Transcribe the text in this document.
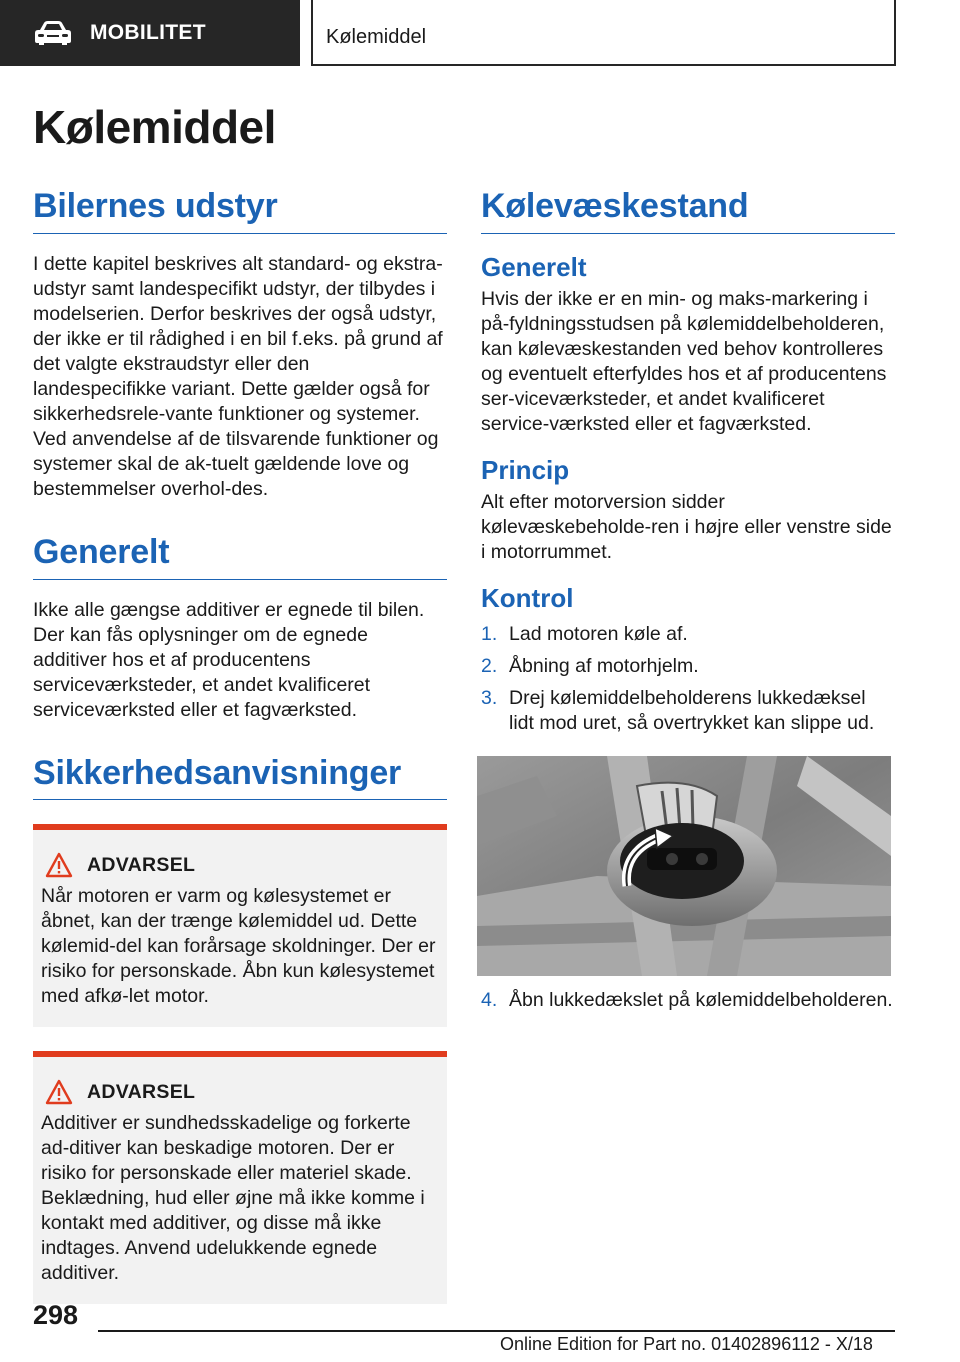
MOBILITET	Kølemiddel
Kølemiddel
Bilernes udstyr

I dette kapitel beskrives alt standard- og ekstra-udstyr samt landespecifikt udstyr, der tilbydes i modelserien. Derfor beskrives der også udstyr, der ikke er til rådighed i en bil f.eks. på grund af det valgte ekstraudstyr eller den landespecifikke variant. Dette gælder også for sikkerhedsrele-vante funktioner og systemer. Ved anvendelse af de tilsvarende funktioner og systemer skal de ak-tuelt gældende love og bestemmelser overhol-des.

Generelt

Ikke alle gængse additiver er egnede til bilen. Der kan fås oplysninger om de egnede additiver hos et af producentens serviceværksteder, et andet kvalificeret serviceværksted eller et fagværksted.

Sikkerhedsanvisninger
ADVARSEL

Når motoren er varm og kølesystemet er åbnet, kan der trænge kølemiddel ud. Dette kølemid-del kan forårsage skoldninger. Der er risiko for personskade. Åbn kun kølesystemet med afkø-let motor.

ADVARSEL

Additiver er sundhedsskadelige og forkerte ad-ditiver kan beskadige motoren. Der er risiko for personskade eller materiel skade. Beklædning, hud eller øjne må ikke komme i kontakt med additiver, og disse må ikke indtages. Anvend udelukkende egnede additiver.

Kølevæskestand
Generelt

Hvis der ikke er en min- og maks-markering i på-fyldningsstudsen på kølemiddelbeholderen, kan kølevæskestanden ved behov kontrolleres og eventuelt efterfyldes hos et af producentens ser-viceværksteder, et andet kvalificeret service-værksted eller et fagværksted.

Princip

Alt efter motorversion sidder kølevæskebeholde-ren i højre eller venstre side i motorrummet.

Kontrol
1. Lad motoren køle af.
2. Åbning af motorhjelm.
3. Drej kølemiddelbeholderens lukkedæksel lidt mod uret, så overtrykket kan slippe ud.
4. Åbn lukkedækslet på kølemiddelbeholderen.
298
Online Edition for Part no. 01402896112 - X/18
